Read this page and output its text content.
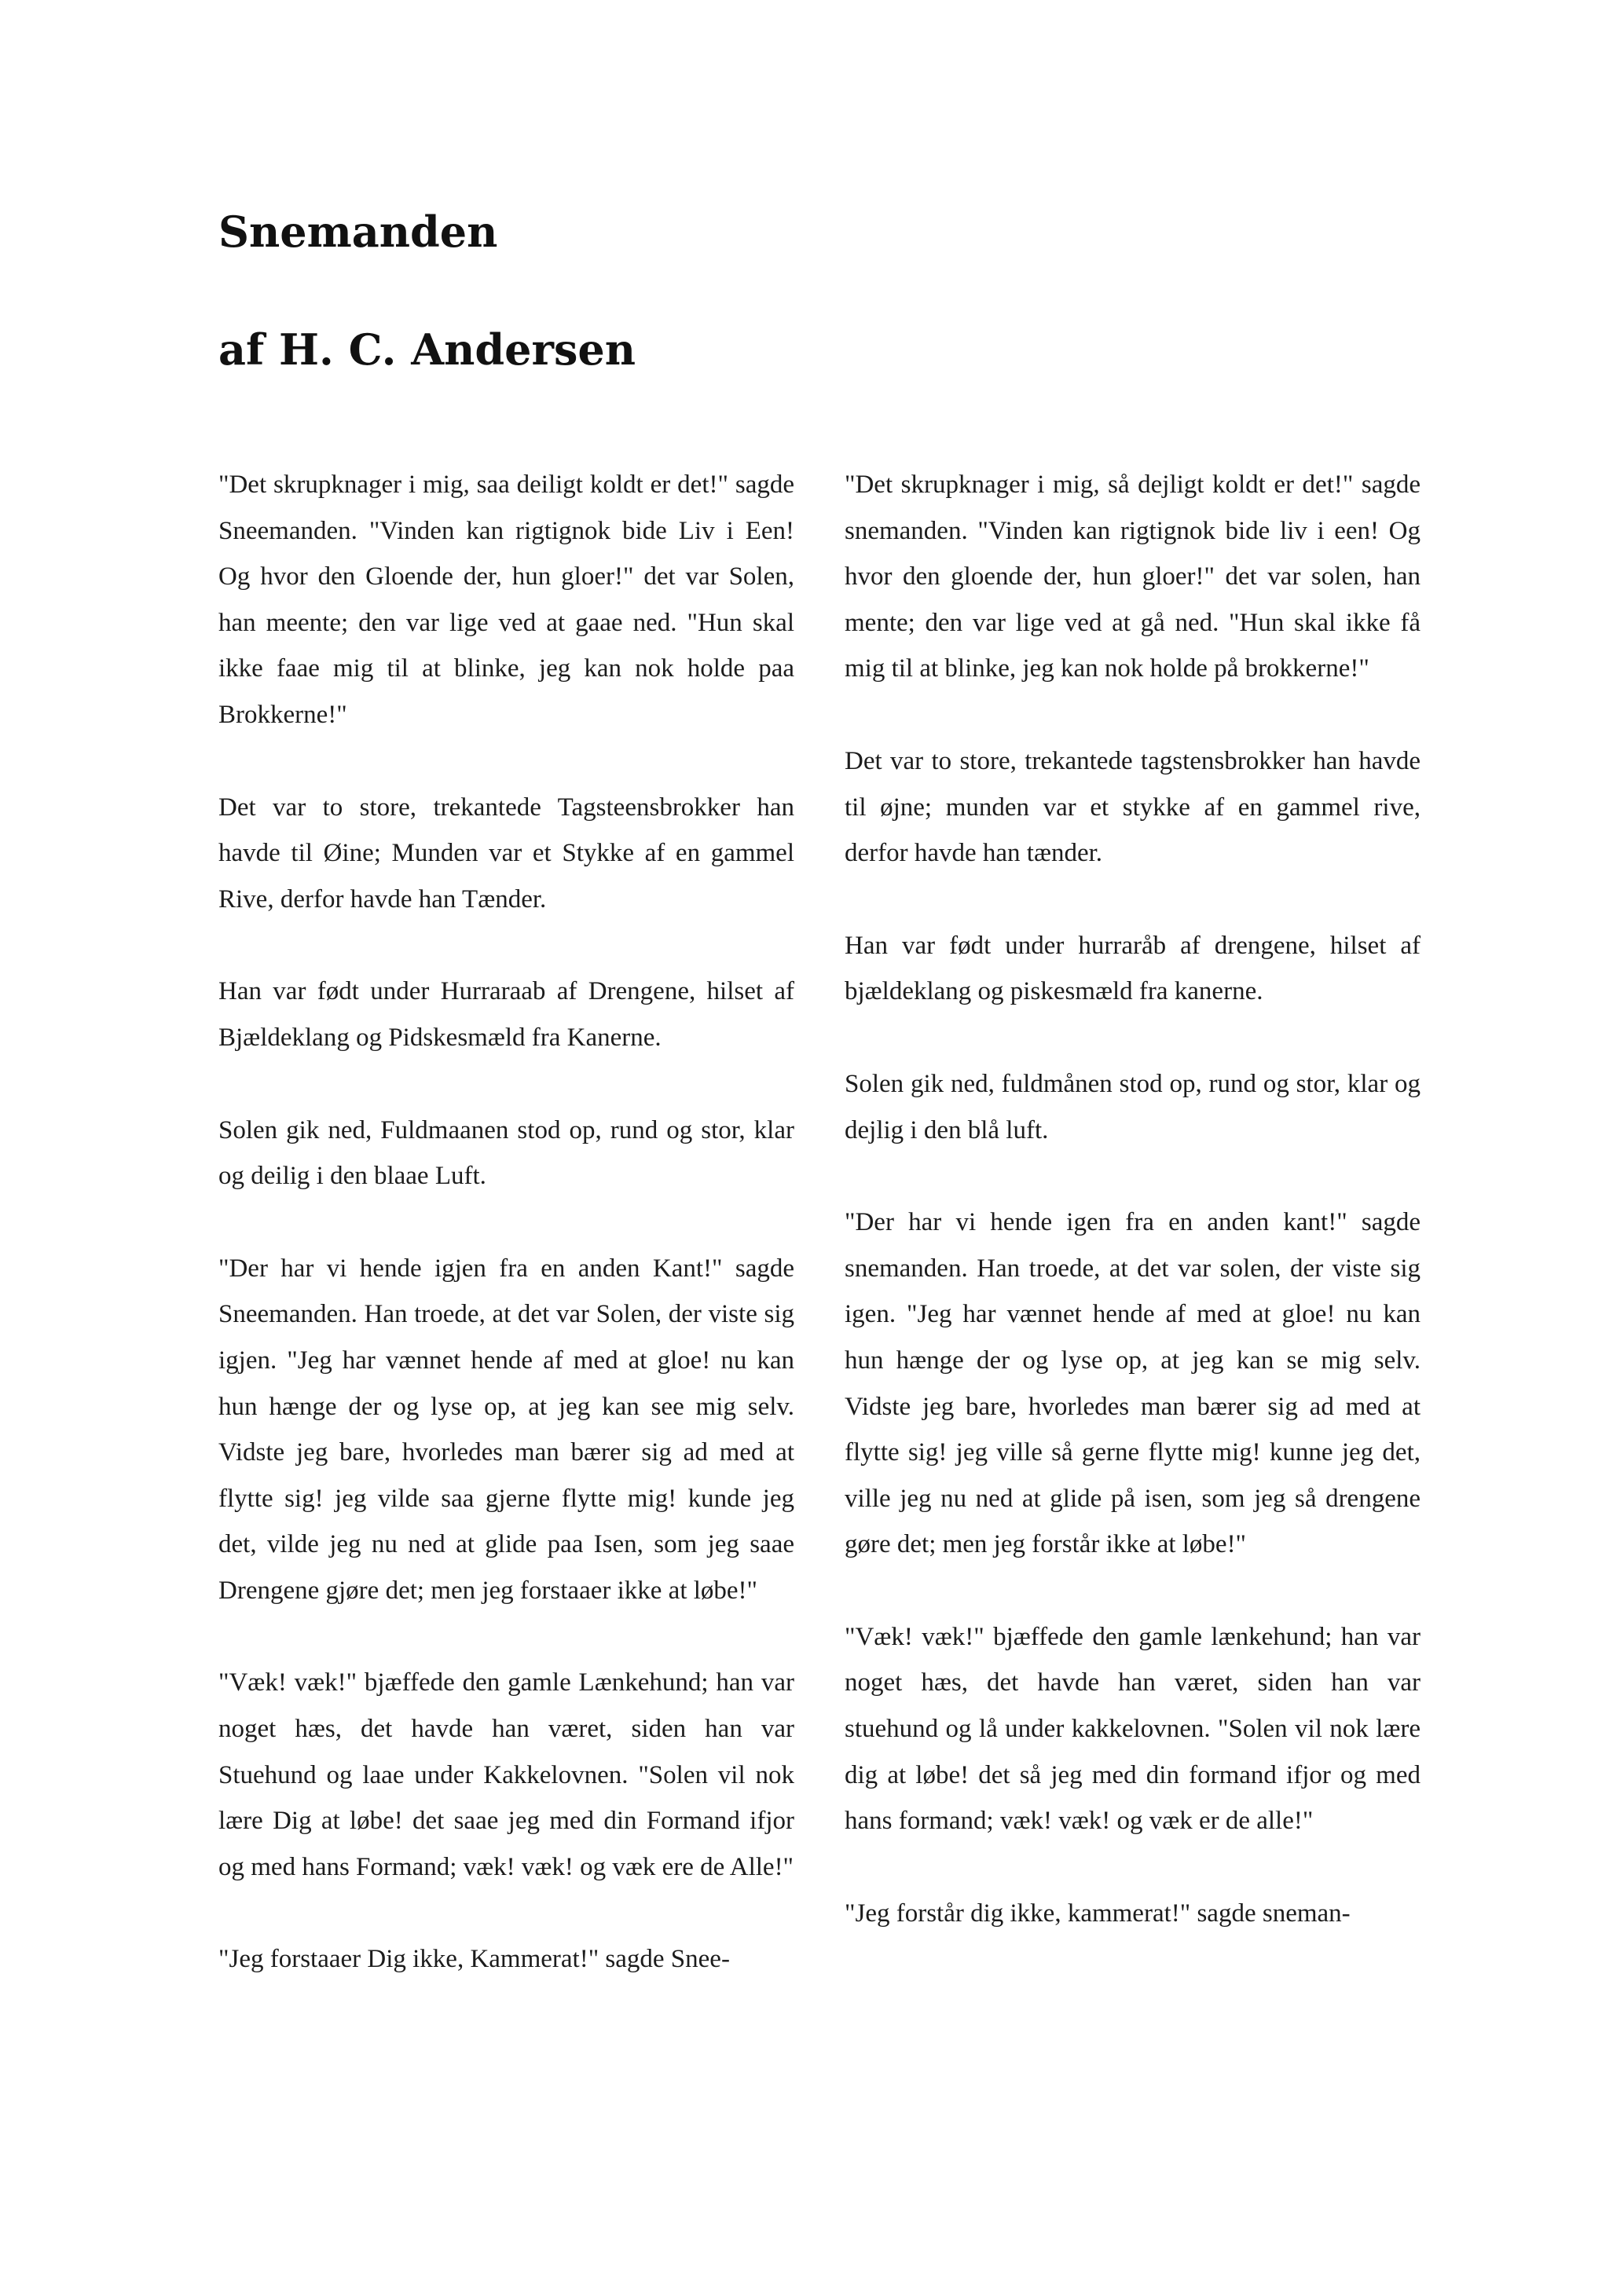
Snemanden
af H. C. Andersen

"Det skrupknager i mig, saa deiligt koldt er det!" sagde Sneemanden. "Vinden kan rigtignok bide Liv i Een! Og hvor den Gloende der, hun gloer!" det var Solen, han meente; den var lige ved at gaae ned. "Hun skal ikke faae mig til at blinke, jeg kan nok holde paa Brokkerne!"

Det var to store, trekantede Tagsteensbrokker han havde til Øine; Munden var et Stykke af en gammel Rive, derfor havde han Tænder.

Han var født under Hurraraab af Drengene, hilset af Bjældeklang og Pidskesmæld fra Kanerne.

Solen gik ned, Fuldmaanen stod op, rund og stor, klar og deilig i den blaae Luft.

"Der har vi hende igjen fra en anden Kant!" sagde Sneemanden. Han troede, at det var Solen, der viste sig igjen. "Jeg har vænnet hende af med at gloe! nu kan hun hænge der og lyse op, at jeg kan see mig selv. Vidste jeg bare, hvorledes man bærer sig ad med at flytte sig! jeg vilde saa gjerne flytte mig! kunde jeg det, vilde jeg nu ned at glide paa Isen, som jeg saae Drengene gjøre det; men jeg forstaaer ikke at løbe!"

"Væk! væk!" bjæffede den gamle Lænkehund; han var noget hæs, det havde han været, siden han var Stuehund og laae under Kakkelovnen. "Solen vil nok lære Dig at løbe! det saae jeg med din Formand ifjor og med hans Formand; væk! væk! og væk ere de Alle!"

"Jeg forstaaer Dig ikke, Kammerat!" sagde Snee-

"Det skrupknager i mig, så dejligt koldt er det!" sagde snemanden. "Vinden kan rigtignok bide liv i een! Og hvor den gloende der, hun gloer!" det var solen, han mente; den var lige ved at gå ned. "Hun skal ikke få mig til at blinke, jeg kan nok holde på brokkerne!"

Det var to store, trekantede tagstensbrokker han havde til øjne; munden var et stykke af en gammel rive, derfor havde han tænder.

Han var født under hurraråb af drengene, hilset af bjældeklang og piskesmæld fra kanerne.

Solen gik ned, fuldmånen stod op, rund og stor, klar og dejlig i den blå luft.

"Der har vi hende igen fra en anden kant!" sagde snemanden. Han troede, at det var solen, der viste sig igen. "Jeg har vænnet hende af med at gloe! nu kan hun hænge der og lyse op, at jeg kan se mig selv. Vidste jeg bare, hvorledes man bærer sig ad med at flytte sig! jeg ville så gerne flytte mig! kunne jeg det, ville jeg nu ned at glide på isen, som jeg så drengene gøre det; men jeg forstår ikke at løbe!"

"Væk! væk!" bjæffede den gamle lænkehund; han var noget hæs, det havde han været, siden han var stuehund og lå under kakkelovnen. "Solen vil nok lære dig at løbe! det så jeg med din formand ifjor og med hans formand; væk! væk! og væk er de alle!"

"Jeg forstår dig ikke, kammerat!" sagde sneman-
